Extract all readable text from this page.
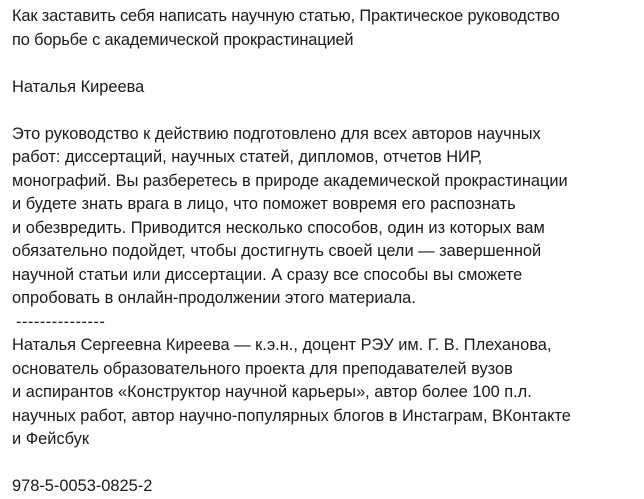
Как заставить себя написать научную статью, Практическое руководство
по борьбе с академической прокрастинацией
Наталья Киреева
Это руководство к действию подготовлено для всех авторов научных
работ: диссертаций, научных статей, дипломов, отчетов НИР,
монографий. Вы разберетесь в природе академической прокрастинации
и будете знать врага в лицо, что поможет вовремя его распознать
и обезвредить. Приводится несколько способов, один из которых вам
обязательно подойдет, чтобы достигнуть своей цели — завершенной
научной статьи или диссертации. А сразу все способы вы сможете
опробовать в онлайн-продолжении этого материала.
---------------
Наталья Сергеевна Киреева — к.э.н., доцент РЭУ им. Г. В. Плеханова,
основатель образовательного проекта для преподавателей вузов
и аспирантов «Конструктор научной карьеры», автор более 100 п.л.
научных работ, автор научно-популярных блогов в Инстаграм, ВКонтакте
и Фейсбук
978-5-0053-0825-2
